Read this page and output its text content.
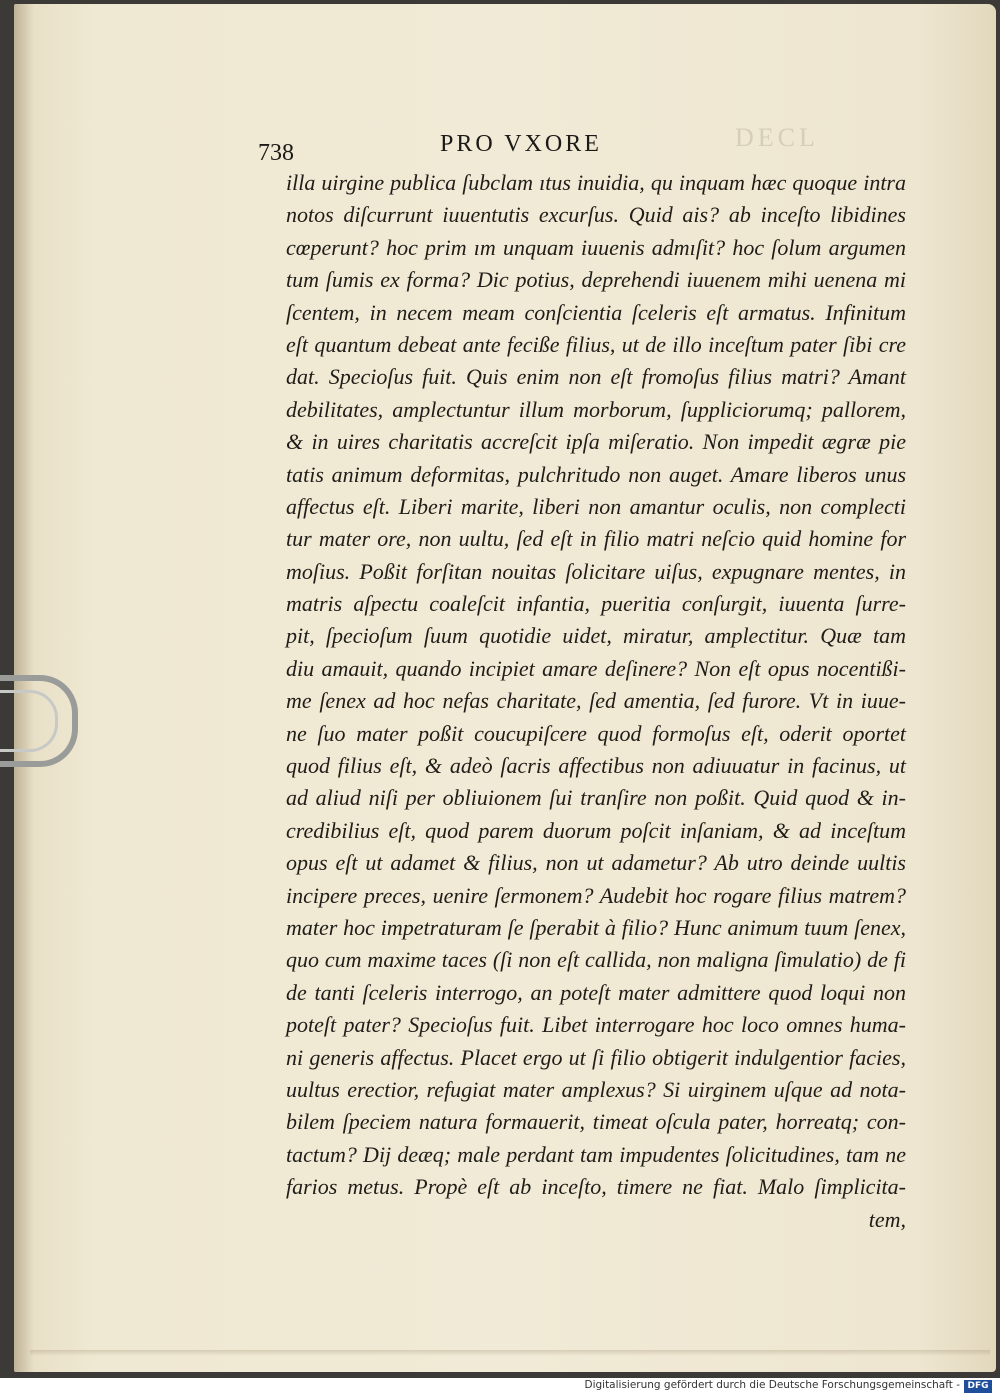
DECL
738	PRO VXORE
illa uirgine publica ſubclam ıtus inuidia, qu inquam hæc quoque intra
notos diſcurrunt iuuentutis excurſus. Quid ais? ab inceſto libidines
cœperunt? hoc prim ım unquam iuuenis admıſit? hoc ſolum argumen
tum ſumis ex forma? Dic potius, deprehendi iuuenem mihi uenena mi
ſcentem, in necem meam conſcientia ſceleris eſt armatus. Infinitum
eſt quantum debeat ante feciße filius, ut de illo inceſtum pater ſibi cre
dat. Specioſus fuit. Quis enim non eſt fromoſus filius matri? Amant
debilitates, amplectuntur illum morborum, ſuppliciorumq; pallorem,
& in uires charitatis accreſcit ipſa miſeratio. Non impedit ægræ pie
tatis animum deformitas, pulchritudo non auget. Amare liberos unus
affectus eſt. Liberi marite, liberi non amantur oculis, non complecti
tur mater ore, non uultu, ſed eſt in filio matri neſcio quid homine for
moſius. Poßit forſitan nouitas ſolicitare uiſus, expugnare mentes, in
matris aſpectu coaleſcit infantia, pueritia conſurgit, iuuenta ſurre-
pit, ſpecioſum ſuum quotidie uidet, miratur, amplectitur. Quæ tam
diu amauit, quando incipiet amare deſinere? Non eſt opus nocentißi-
me ſenex ad hoc nefas charitate, ſed amentia, ſed furore. Vt in iuue-
ne ſuo mater poßit coucupiſcere quod formoſus eſt, oderit oportet
quod filius eſt, & adeò ſacris affectibus non adiuuatur in facinus, ut
ad aliud niſi per obliuionem ſui tranſire non poßit. Quid quod & in-
credibilius eſt, quod parem duorum poſcit inſaniam, & ad inceſtum
opus eſt ut adamet & filius, non ut adametur? Ab utro deinde uultis
incipere preces, uenire ſermonem? Audebit hoc rogare filius matrem?
mater hoc impetraturam ſe ſperabit à filio? Hunc animum tuum ſenex,
quo cum maxime taces (ſi non eſt callida, non maligna ſimulatio) de fi
de tanti ſceleris interrogo, an poteſt mater admittere quod loqui non
poteſt pater? Specioſus fuit. Libet interrogare hoc loco omnes huma-
ni generis affectus. Placet ergo ut ſi filio obtigerit indulgentior facies,
uultus erectior, refugiat mater amplexus? Si uirginem uſque ad nota-
bilem ſpeciem natura formauerit, timeat oſcula pater, horreatq; con-
tactum? Dij deæq; male perdant tam impudentes ſolicitudines, tam ne
farios metus. Propè eſt ab inceſto, timere ne fiat. Malo ſimplicita-
tem,
Digitalisierung gefördert durch die Deutsche Forschungsgemeinschaft - DFG
